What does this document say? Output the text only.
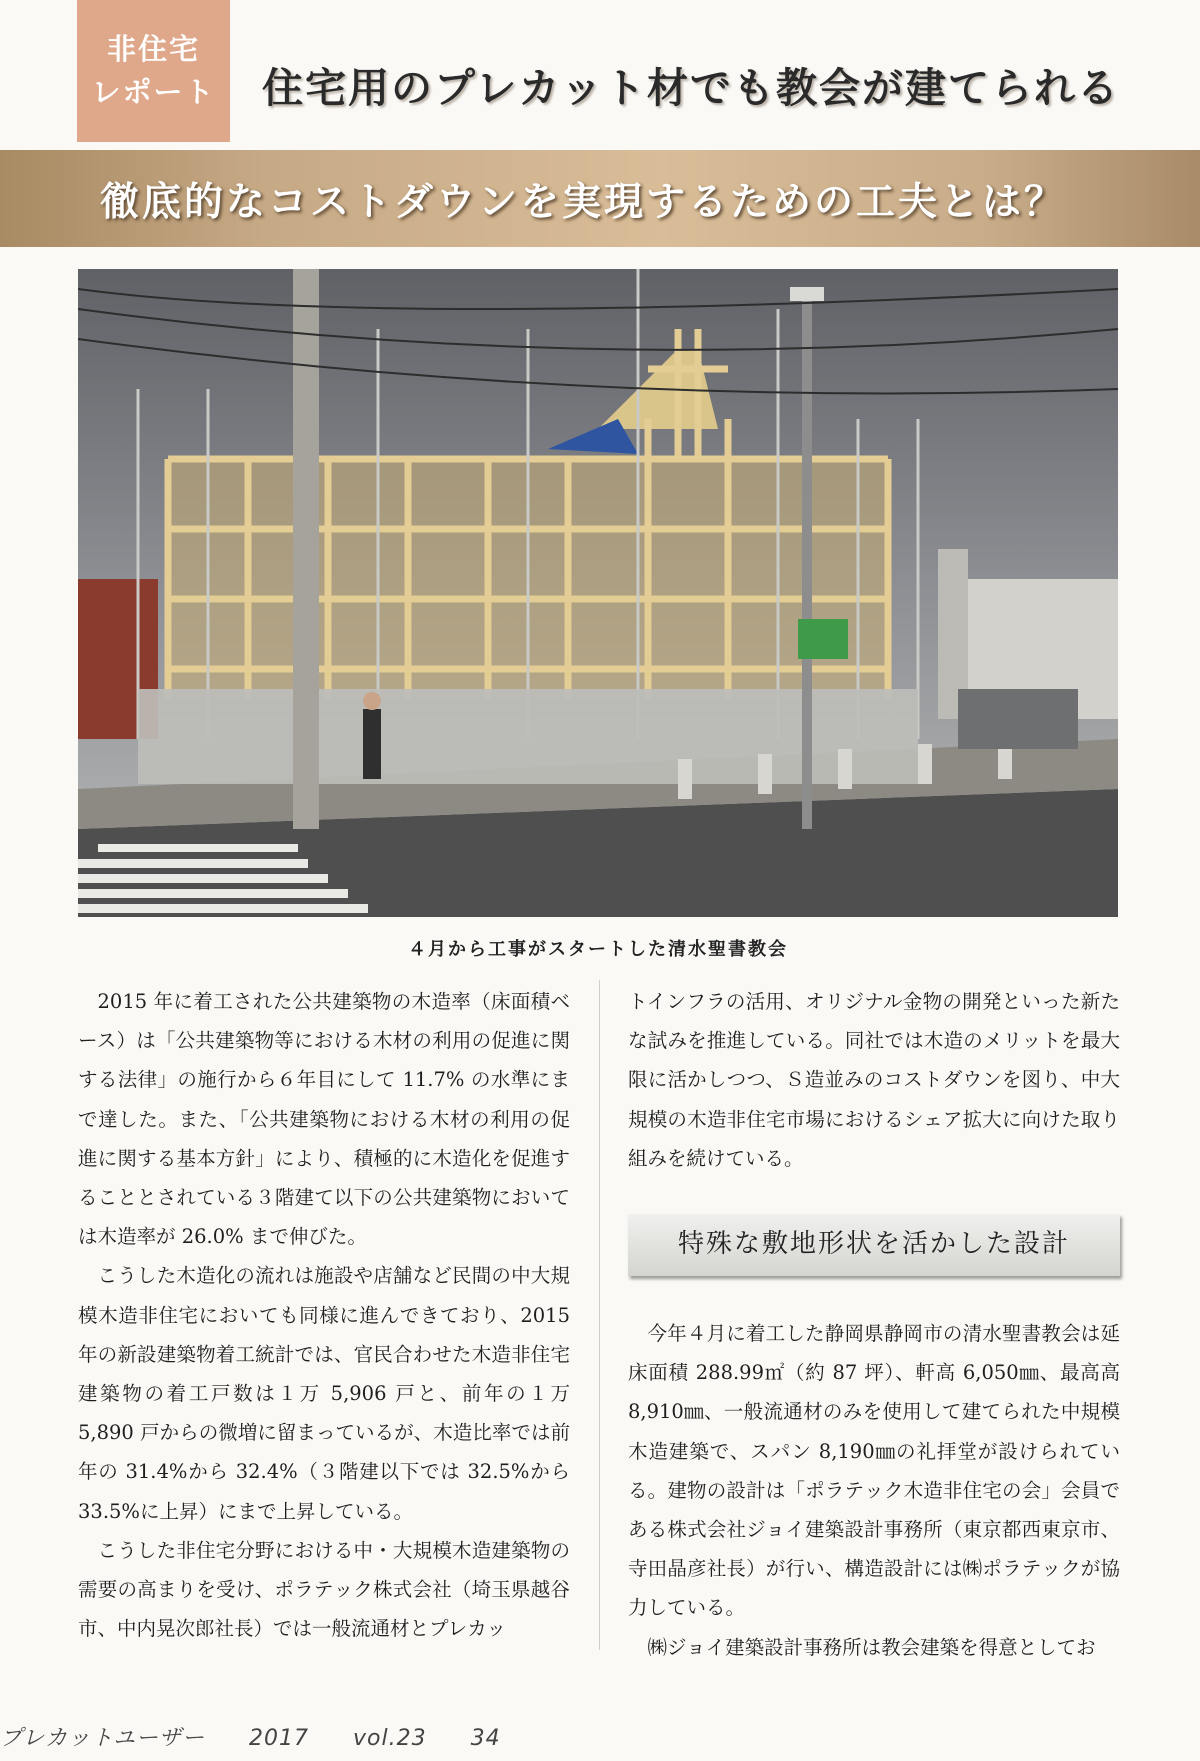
非住宅
レポート 住宅用のプレカット材でも教会が建てられる
徹底的なコストダウンを実現するための工夫とは？
４月から工事がスタートした清水聖書教会

2015 年に着工された公共建築物の木造率（床面積ベース）は「公共建築物等における木材の利用の促進に関する法律」の施行から６年目にして 11.7% の水準にまで達した。また、「公共建築物における木材の利用の促進に関する基本方針」により、積極的に木造化を促進することとされている３階建て以下の公共建築物においては木造率が 26.0% まで伸びた。

こうした木造化の流れは施設や店舗など民間の中大規模木造非住宅においても同様に進んできており、2015 年の新設建築物着工統計では、官民合わせた木造非住宅建築物の着工戸数は１万 5,906 戸と、前年の１万 5,890 戸からの微増に留まっているが、木造比率では前年の 31.4%から 32.4%（３階建以下では 32.5%から 33.5%に上昇）にまで上昇している。

こうした非住宅分野における中・大規模木造建築物の需要の高まりを受け、ポラテック株式会社（埼玉県越谷市、中内晃次郎社長）では一般流通材とプレカッ

トインフラの活用、オリジナル金物の開発といった新たな試みを推進している。同社では木造のメリットを最大限に活かしつつ、Ｓ造並みのコストダウンを図り、中大規模の木造非住宅市場におけるシェア拡大に向けた取り組みを続けている。

特殊な敷地形状を活かした設計

今年４月に着工した静岡県静岡市の清水聖書教会は延床面積 288.99㎡（約 87 坪）、軒高 6,050㎜、最高高 8,910㎜、一般流通材のみを使用して建てられた中規模木造建築で、スパン 8,190㎜の礼拝堂が設けられている。建物の設計は「ポラテック木造非住宅の会」会員である株式会社ジョイ建築設計事務所（東京都西東京市、寺田晶彦社長）が行い、構造設計には㈱ポラテックが協力している。

㈱ジョイ建築設計事務所は教会建築を得意としてお

プレカットユーザー 2017 vol.23 34
